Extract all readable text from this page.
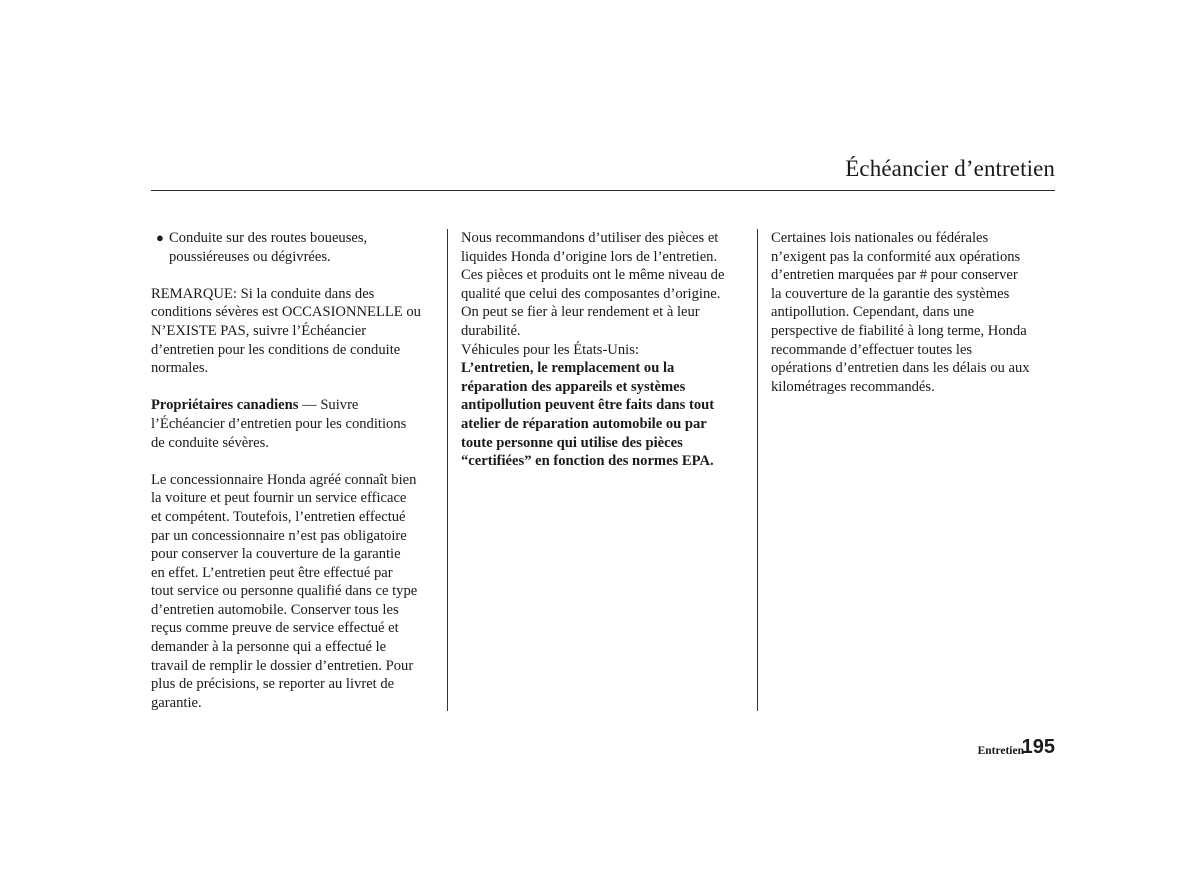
Échéancier d’entretien

● Conduite sur des routes boueuses,
poussiéreuses ou dégivrées.

REMARQUE: Si la conduite dans des
conditions sévères est OCCASIONNELLE ou
N’EXISTE PAS, suivre l’Échéancier
d’entretien pour les conditions de conduite
normales.

Propriétaires canadiens — Suivre
l’Échéancier d’entretien pour les conditions
de conduite sévères.

Le concessionnaire Honda agréé connaît bien
la voiture et peut fournir un service efficace
et compétent. Toutefois, l’entretien effectué
par un concessionnaire n’est pas obligatoire
pour conserver la couverture de la garantie
en effet. L’entretien peut être effectué par
tout service ou personne qualifié dans ce type
d’entretien automobile. Conserver tous les
reçus comme preuve de service effectué et
demander à la personne qui a effectué le
travail de remplir le dossier d’entretien. Pour
plus de précisions, se reporter au livret de
garantie.

Nous recommandons d’utiliser des pièces et
liquides Honda d’origine lors de l’entretien.
Ces pièces et produits ont le même niveau de
qualité que celui des composantes d’origine.
On peut se fier à leur rendement et à leur
durabilité.
Véhicules pour les États-Unis:
L’entretien, le remplacement ou la
réparation des appareils et systèmes
antipollution peuvent être faits dans tout
atelier de réparation automobile ou par
toute personne qui utilise des pièces
“certifiées” en fonction des normes EPA.

Certaines lois nationales ou fédérales
n’exigent pas la conformité aux opérations
d’entretien marquées par # pour conserver
la couverture de la garantie des systèmes
antipollution. Cependant, dans une
perspective de fiabilité à long terme, Honda
recommande d’effectuer toutes les
opérations d’entretien dans les délais ou aux
kilométrages recommandés.

Entretien
195
